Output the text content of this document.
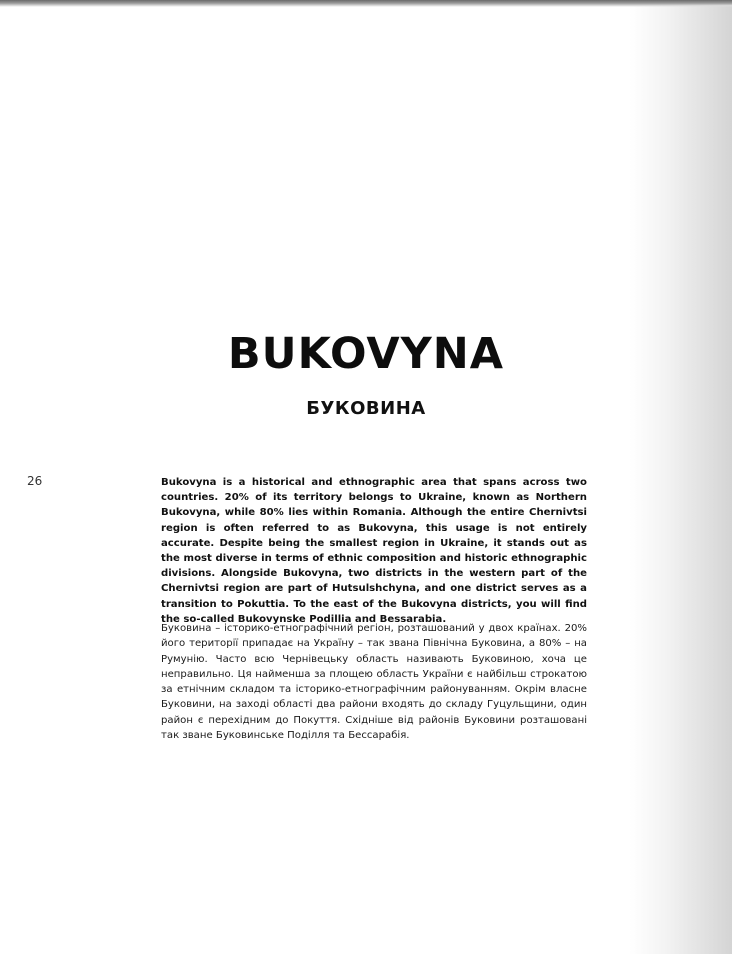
BUKOVYNA
БУКОВИНА
26	Bukovyna is a historical and ethnographic area that spans across two countries. 20% of its territory belongs to Ukraine, known as Northern Bukovyna, while 80% lies within Romania. Although the entire Chernivtsi region is often referred to as Bukovyna, this usage is not entirely accurate. Despite being the smallest region in Ukraine, it stands out as the most diverse in terms of ethnic composition and historic ethnographic divisions. Alongside Bukovyna, two districts in the western part of the Chernivtsi region are part of Hutsulshchyna, and one district serves as a transition to Pokuttia. To the east of the Bukovyna districts, you will find the so-called Bukovynske Podillia and Bessarabia.

Буковина – історико-етнографічний регіон, розташований у двох країнах. 20% його території припадає на Україну – так звана Північна Буковина, а 80% – на Румунію. Часто всю Чернівецьку область називають Буковиною, хоча це неправильно. Ця найменша за площею область України є найбільш строкатою за етнічним складом та історико-етнографічним районуванням. Окрім власне Буковини, на заході області два райони входять до складу Гуцульщини, один район є перехідним до Покуття. Східніше від районів Буковини розташовані так зване Буковинське Поділля та Бессарабія.
